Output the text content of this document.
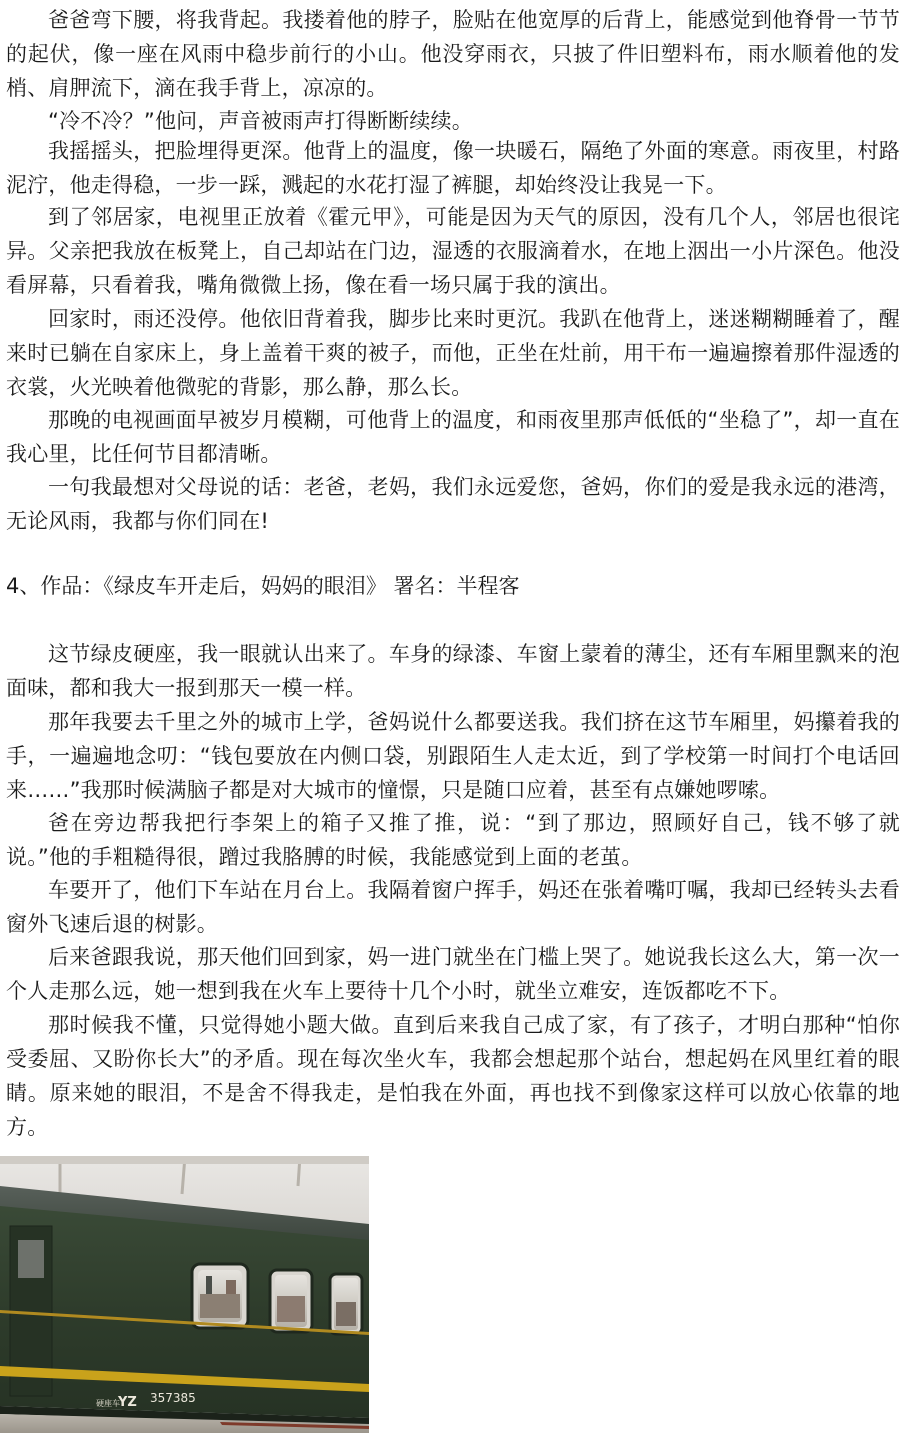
爸爸弯下腰，将我背起。我搂着他的脖子，脸贴在他宽厚的后背上，能感觉到他脊骨一节节的起伏，像一座在风雨中稳步前行的小山。他没穿雨衣，只披了件旧塑料布，雨水顺着他的发梢、肩胛流下，滴在我手背上，凉凉的。

“冷不冷？”他问，声音被雨声打得断断续续。

我摇摇头，把脸埋得更深。他背上的温度，像一块暖石，隔绝了外面的寒意。雨夜里，村路泥泞，他走得稳，一步一踩，溅起的水花打湿了裤腿，却始终没让我晃一下。

到了邻居家，电视里正放着《霍元甲》，可能是因为天气的原因，没有几个人，邻居也很诧异。父亲把我放在板凳上，自己却站在门边，湿透的衣服滴着水，在地上洇出一小片深色。他没看屏幕，只看着我，嘴角微微上扬，像在看一场只属于我的演出。

回家时，雨还没停。他依旧背着我，脚步比来时更沉。我趴在他背上，迷迷糊糊睡着了，醒来时已躺在自家床上，身上盖着干爽的被子，而他，正坐在灶前，用干布一遍遍擦着那件湿透的衣裳，火光映着他微驼的背影，那么静，那么长。

那晚的电视画面早被岁月模糊，可他背上的温度，和雨夜里那声低低的“坐稳了”，却一直在我心里，比任何节目都清晰。

一句我最想对父母说的话：老爸，老妈，我们永远爱您，爸妈，你们的爱是我永远的港湾，无论风雨，我都与你们同在!

4、作品：《绿皮车开走后，妈妈的眼泪》 署名：半程客

这节绿皮硬座，我一眼就认出来了。车身的绿漆、车窗上蒙着的薄尘，还有车厢里飘来的泡面味，都和我大一报到那天一模一样。

那年我要去千里之外的城市上学，爸妈说什么都要送我。我们挤在这节车厢里，妈攥着我的手，一遍遍地念叨：“钱包要放在内侧口袋，别跟陌生人走太近，到了学校第一时间打个电话回来……”我那时候满脑子都是对大城市的憧憬，只是随口应着，甚至有点嫌她啰嗦。

爸在旁边帮我把行李架上的箱子又推了推，说：“到了那边，照顾好自己，钱不够了就说。”他的手粗糙得很，蹭过我胳膊的时候，我能感觉到上面的老茧。

车要开了，他们下车站在月台上。我隔着窗户挥手，妈还在张着嘴叮嘱，我却已经转头去看窗外飞速后退的树影。

后来爸跟我说，那天他们回到家，妈一进门就坐在门槛上哭了。她说我长这么大，第一次一个人走那么远，她一想到我在火车上要待十几个小时，就坐立难安，连饭都吃不下。

那时候我不懂，只觉得她小题大做。直到后来我自己成了家，有了孩子，才明白那种“怕你受委屈、又盼你长大”的矛盾。现在每次坐火车，我都会想起那个站台，想起妈在风里红着的眼睛。原来她的眼泪，不是舍不得我走，是怕我在外面，再也找不到像家这样可以放心依靠的地方。

硬座车
YZ 357385
